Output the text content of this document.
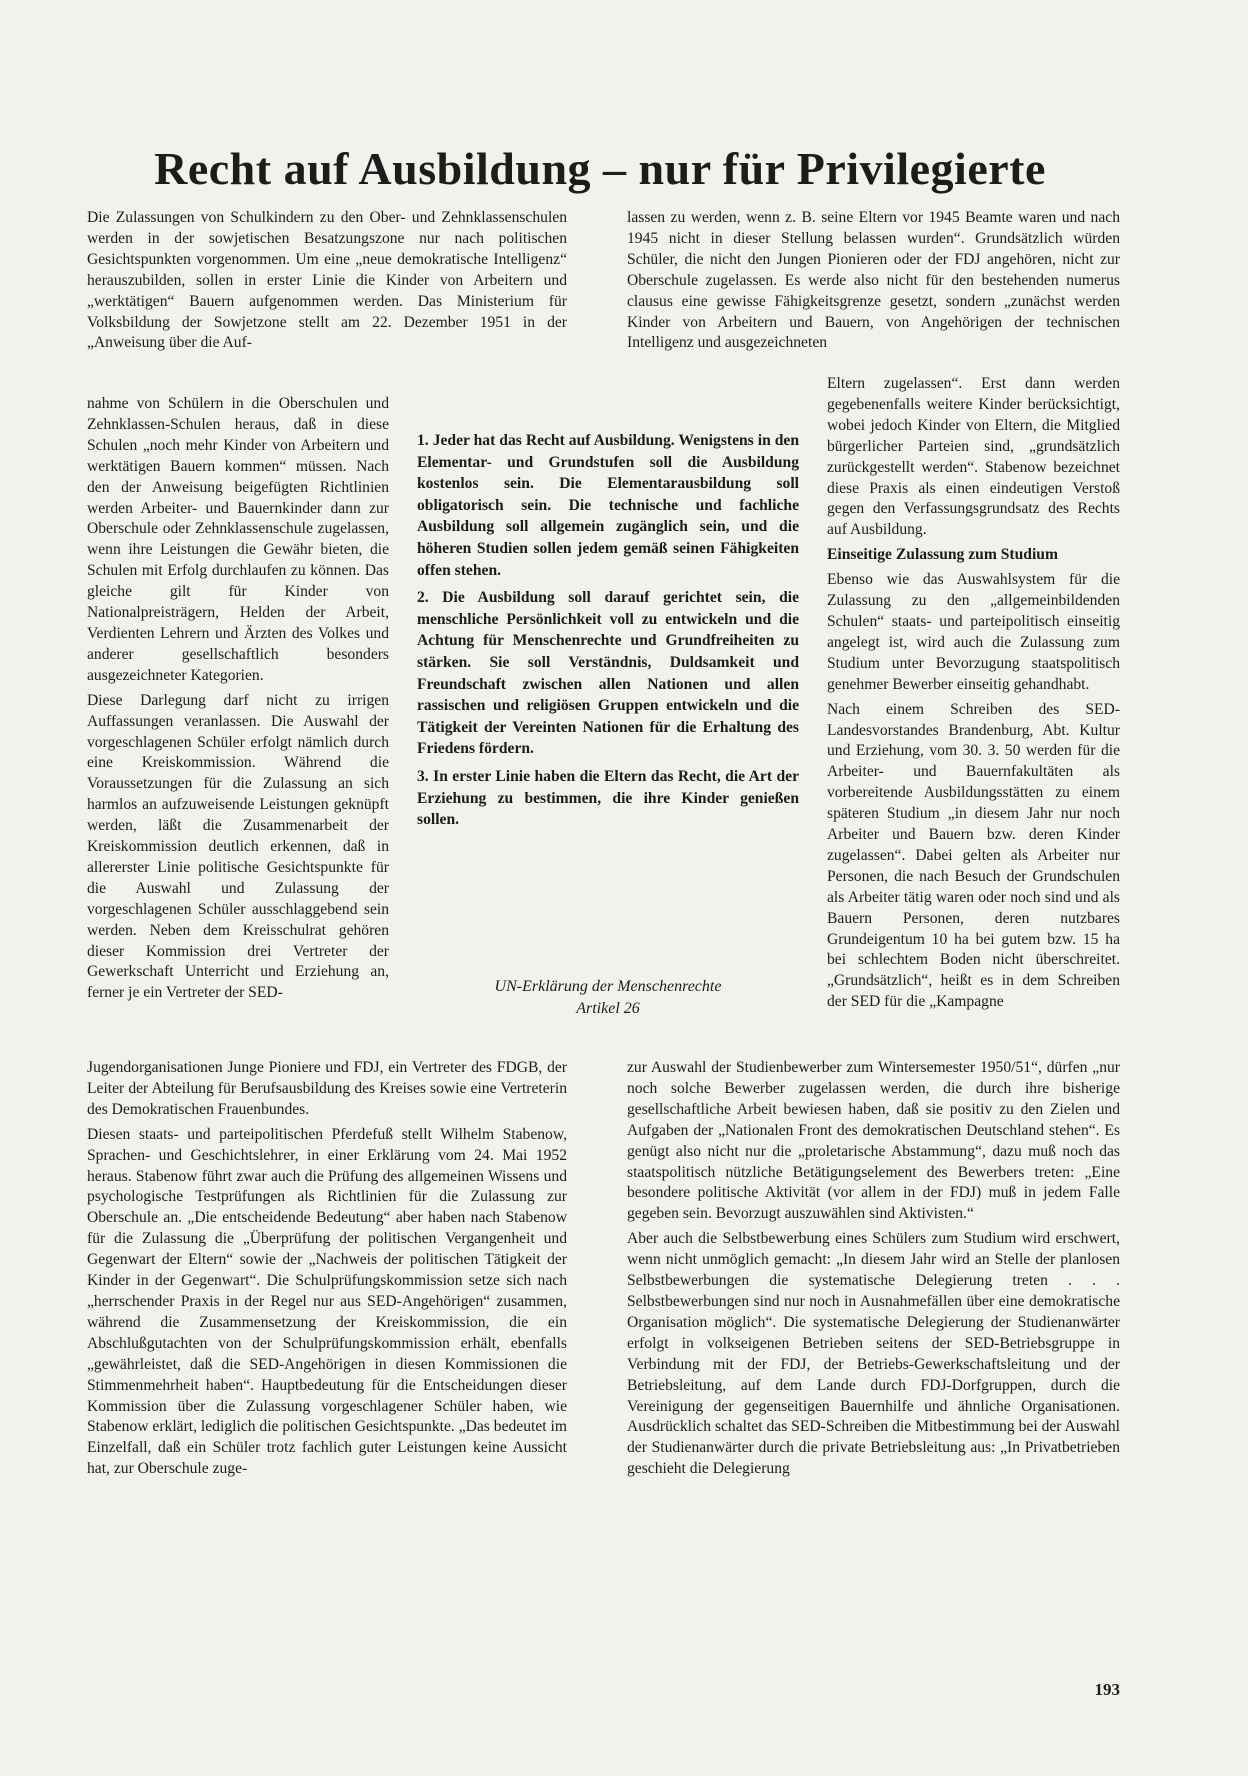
Recht auf Ausbildung – nur für Privilegierte

Die Zulassungen von Schulkindern zu den Ober- und Zehnklassenschulen werden in der sowjetischen Besatzungszone nur nach politischen Gesichtspunkten vorgenommen. Um eine „neue demokratische Intelligenz“ herauszubilden, sollen in erster Linie die Kinder von Arbeitern und „werktätigen“ Bauern aufgenommen werden. Das Ministerium für Volksbildung der Sowjetzone stellt am 22. Dezember 1951 in der „Anweisung über die Auf-

nahme von Schülern in die Oberschulen und Zehnklassen-Schulen heraus, daß in diese Schulen „noch mehr Kinder von Arbeitern und werktätigen Bauern kommen“ müssen. Nach den der Anweisung beigefügten Richtlinien werden Arbeiter- und Bauernkinder dann zur Oberschule oder Zehnklassenschule zugelassen, wenn ihre Leistungen die Gewähr bieten, die Schulen mit Erfolg durchlaufen zu können. Das gleiche gilt für Kinder von Nationalpreisträgern, Helden der Arbeit, Verdienten Lehrern und Ärzten des Volkes und anderer gesellschaftlich besonders ausgezeichneter Kategorien.

Diese Darlegung darf nicht zu irrigen Auffassungen veranlassen. Die Auswahl der vorgeschlagenen Schüler erfolgt nämlich durch eine Kreiskommission. Während die Voraussetzungen für die Zulassung an sich harmlos an aufzuweisende Leistungen geknüpft werden, läßt die Zusammenarbeit der Kreiskommission deutlich erkennen, daß in allererster Linie politische Gesichtspunkte für die Auswahl und Zulassung der vorgeschlagenen Schüler ausschlaggebend sein werden. Neben dem Kreisschulrat gehören dieser Kommission drei Vertreter der Gewerkschaft Unterricht und Erziehung an, ferner je ein Vertreter der SED-

Jugendorganisationen Junge Pioniere und FDJ, ein Vertreter des FDGB, der Leiter der Abteilung für Berufsausbildung des Kreises sowie eine Vertreterin des Demokratischen Frauenbundes.

Diesen staats- und parteipolitischen Pferdefuß stellt Wilhelm Stabenow, Sprachen- und Geschichtslehrer, in einer Erklärung vom 24. Mai 1952 heraus. Stabenow führt zwar auch die Prüfung des allgemeinen Wissens und psychologische Testprüfungen als Richtlinien für die Zulassung zur Oberschule an. „Die entscheidende Bedeutung“ aber haben nach Stabenow für die Zulassung die „Überprüfung der politischen Vergangenheit und Gegenwart der Eltern“ sowie der „Nachweis der politischen Tätigkeit der Kinder in der Gegenwart“. Die Schulprüfungskommission setze sich nach „herrschender Praxis in der Regel nur aus SED-Angehörigen“ zusammen, während die Zusammensetzung der Kreiskommission, die ein Abschlußgutachten von der Schulprüfungskommission erhält, ebenfalls „gewährleistet, daß die SED-Angehörigen in diesen Kommissionen die Stimmenmehrheit haben“. Hauptbedeutung für die Entscheidungen dieser Kommission über die Zulassung vorgeschlagener Schüler haben, wie Stabenow erklärt, lediglich die politischen Gesichtspunkte. „Das bedeutet im Einzelfall, daß ein Schüler trotz fachlich guter Leistungen keine Aussicht hat, zur Oberschule zuge-

1. Jeder hat das Recht auf Ausbildung. Wenigstens in den Elementar- und Grundstufen soll die Ausbildung kostenlos sein. Die Elementarausbildung soll obligatorisch sein. Die technische und fachliche Ausbildung soll allgemein zugänglich sein, und die höheren Studien sollen jedem gemäß seinen Fähigkeiten offen stehen.

2. Die Ausbildung soll darauf gerichtet sein, die menschliche Persönlichkeit voll zu entwickeln und die Achtung für Menschenrechte und Grundfreiheiten zu stärken. Sie soll Verständnis, Duldsamkeit und Freundschaft zwischen allen Nationen und allen rassischen und religiösen Gruppen entwickeln und die Tätigkeit der Vereinten Nationen für die Erhaltung des Friedens fördern.

3. In erster Linie haben die Eltern das Recht, die Art der Erziehung zu bestimmen, die ihre Kinder genießen sollen.

UN-Erklärung der Menschenrechte
Artikel 26

lassen zu werden, wenn z. B. seine Eltern vor 1945 Beamte waren und nach 1945 nicht in dieser Stellung belassen wurden“. Grundsätzlich würden Schüler, die nicht den Jungen Pionieren oder der FDJ angehören, nicht zur Oberschule zugelassen. Es werde also nicht für den bestehenden numerus clausus eine gewisse Fähigkeitsgrenze gesetzt, sondern „zunächst werden Kinder von Arbeitern und Bauern, von Angehörigen der technischen Intelligenz und ausgezeichneten

Eltern zugelassen“. Erst dann werden gegebenenfalls weitere Kinder berücksichtigt, wobei jedoch Kinder von Eltern, die Mitglied bürgerlicher Parteien sind, „grundsätzlich zurückgestellt werden“. Stabenow bezeichnet diese Praxis als einen eindeutigen Verstoß gegen den Verfassungsgrundsatz des Rechts auf Ausbildung.

Einseitige Zulassung zum Studium

Ebenso wie das Auswahlsystem für die Zulassung zu den „allgemeinbildenden Schulen“ staats- und parteipolitisch einseitig angelegt ist, wird auch die Zulassung zum Studium unter Bevorzugung staatspolitisch genehmer Bewerber einseitig gehandhabt.

Nach einem Schreiben des SED-Landesvorstandes Brandenburg, Abt. Kultur und Erziehung, vom 30. 3. 50 werden für die Arbeiter- und Bauernfakultäten als vorbereitende Ausbildungsstätten zu einem späteren Studium „in diesem Jahr nur noch Arbeiter und Bauern bzw. deren Kinder zugelassen“. Dabei gelten als Arbeiter nur Personen, die nach Besuch der Grundschulen als Arbeiter tätig waren oder noch sind und als Bauern Personen, deren nutzbares Grundeigentum 10 ha bei gutem bzw. 15 ha bei schlechtem Boden nicht überschreitet. „Grundsätzlich“, heißt es in dem Schreiben der SED für die „Kampagne

zur Auswahl der Studienbewerber zum Wintersemester 1950/51“, dürfen „nur noch solche Bewerber zugelassen werden, die durch ihre bisherige gesellschaftliche Arbeit bewiesen haben, daß sie positiv zu den Zielen und Aufgaben der „Nationalen Front des demokratischen Deutschland stehen“. Es genügt also nicht nur die „proletarische Abstammung“, dazu muß noch das staatspolitisch nützliche Betätigungselement des Bewerbers treten: „Eine besondere politische Aktivität (vor allem in der FDJ) muß in jedem Falle gegeben sein. Bevorzugt auszuwählen sind Aktivisten.“

Aber auch die Selbstbewerbung eines Schülers zum Studium wird erschwert, wenn nicht unmöglich gemacht: „In diesem Jahr wird an Stelle der planlosen Selbstbewerbungen die systematische Delegierung treten . . . Selbstbewerbungen sind nur noch in Ausnahmefällen über eine demokratische Organisation möglich“. Die systematische Delegierung der Studienanwärter erfolgt in volkseigenen Betrieben seitens der SED-Betriebsgruppe in Verbindung mit der FDJ, der Betriebs-Gewerkschaftsleitung und der Betriebsleitung, auf dem Lande durch FDJ-Dorfgruppen, durch die Vereinigung der gegenseitigen Bauernhilfe und ähnliche Organisationen. Ausdrücklich schaltet das SED-Schreiben die Mitbestimmung bei der Auswahl der Studienanwärter durch die private Betriebsleitung aus: „In Privatbetrieben geschieht die Delegierung

193
